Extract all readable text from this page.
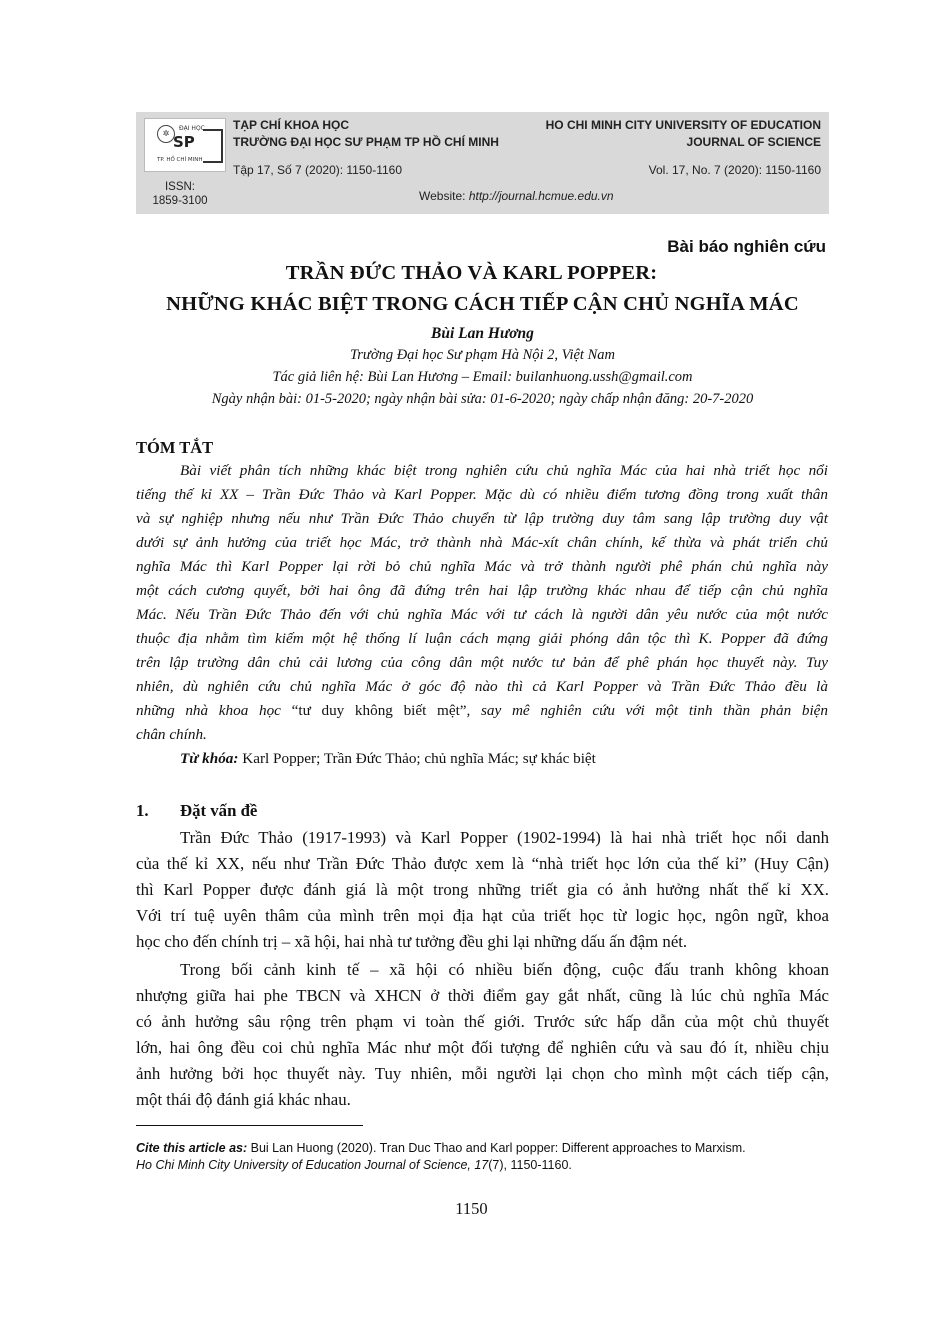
✲
ĐẠI HỌC
SP
TP. HỒ CHÍ MINH
TẠP CHÍ KHOA HỌC
TRƯỜNG ĐẠI HỌC SƯ PHẠM TP HỒ CHÍ MINH
Tập 17, Số 7 (2020): 1150-1160
HO CHI MINH CITY UNIVERSITY OF EDUCATION
JOURNAL OF SCIENCE
Vol. 17, No. 7 (2020): 1150-1160
ISSN:
1859-3100	Website: http://journal.hcmue.edu.vn
Bài báo nghiên cứu
TRẦN ĐỨC THẢO VÀ KARL POPPER:
NHỮNG KHÁC BIỆT TRONG CÁCH TIẾP CẬN CHỦ NGHĨA MÁC
Bùi Lan Hương
Trường Đại học Sư phạm Hà Nội 2, Việt Nam
Tác giả liên hệ: Bùi Lan Hương – Email: builanhuong.ussh@gmail.com
Ngày nhận bài: 01-5-2020; ngày nhận bài sửa: 01-6-2020; ngày chấp nhận đăng: 20-7-2020
TÓM TẮT
Bài viết phân tích những khác biệt trong nghiên cứu chủ nghĩa Mác của hai nhà triết học nổi
tiếng thế kỉ XX – Trần Đức Thảo và Karl Popper. Mặc dù có nhiều điểm tương đồng trong xuất thân
và sự nghiệp nhưng nếu như Trần Đức Thảo chuyển từ lập trường duy tâm sang lập trường duy vật
dưới sự ảnh hưởng của triết học Mác, trở thành nhà Mác-xít chân chính, kế thừa và phát triển chủ
nghĩa Mác thì Karl Popper lại rời bỏ chủ nghĩa Mác và trở thành người phê phán chủ nghĩa này
một cách cương quyết, bởi hai ông đã đứng trên hai lập trường khác nhau để tiếp cận chủ nghĩa
Mác. Nếu Trần Đức Thảo đến với chủ nghĩa Mác với tư cách là người dân yêu nước của một nước
thuộc địa nhằm tìm kiếm một hệ thống lí luận cách mạng giải phóng dân tộc thì K. Popper đã đứng
trên lập trường dân chủ cải lương của công dân một nước tư bản để phê phán học thuyết này. Tuy
nhiên, dù nghiên cứu chủ nghĩa Mác ở góc độ nào thì cả Karl Popper và Trần Đức Thảo đều là
những nhà khoa học “tư duy không biết mệt”, say mê nghiên cứu với một tinh thần phản biện
chân chính.
Từ khóa: Karl Popper; Trần Đức Thảo; chủ nghĩa Mác; sự khác biệt
1. Đặt vấn đề
Trần Đức Thảo (1917-1993) và Karl Popper (1902-1994) là hai nhà triết học nổi danh
của thế kỉ XX, nếu như Trần Đức Thảo được xem là “nhà triết học lớn của thế kỉ” (Huy Cận)
thì Karl Popper được đánh giá là một trong những triết gia có ảnh hưởng nhất thế kỉ XX.
Với trí tuệ uyên thâm của mình trên mọi địa hạt của triết học từ logic học, ngôn ngữ, khoa
học cho đến chính trị – xã hội, hai nhà tư tưởng đều ghi lại những dấu ấn đậm nét.
Trong bối cảnh kinh tế – xã hội có nhiều biến động, cuộc đấu tranh không khoan
nhượng giữa hai phe TBCN và XHCN ở thời điểm gay gắt nhất, cũng là lúc chủ nghĩa Mác
có ảnh hưởng sâu rộng trên phạm vi toàn thế giới. Trước sức hấp dẫn của một chủ thuyết
lớn, hai ông đều coi chủ nghĩa Mác như một đối tượng để nghiên cứu và sau đó ít, nhiều chịu
ảnh hưởng bởi học thuyết này. Tuy nhiên, mỗi người lại chọn cho mình một cách tiếp cận,
một thái độ đánh giá khác nhau.
Cite this article as: Bui Lan Huong (2020). Tran Duc Thao and Karl popper: Different approaches to Marxism.
Ho Chi Minh City University of Education Journal of Science, 17(7), 1150-1160.
1150
